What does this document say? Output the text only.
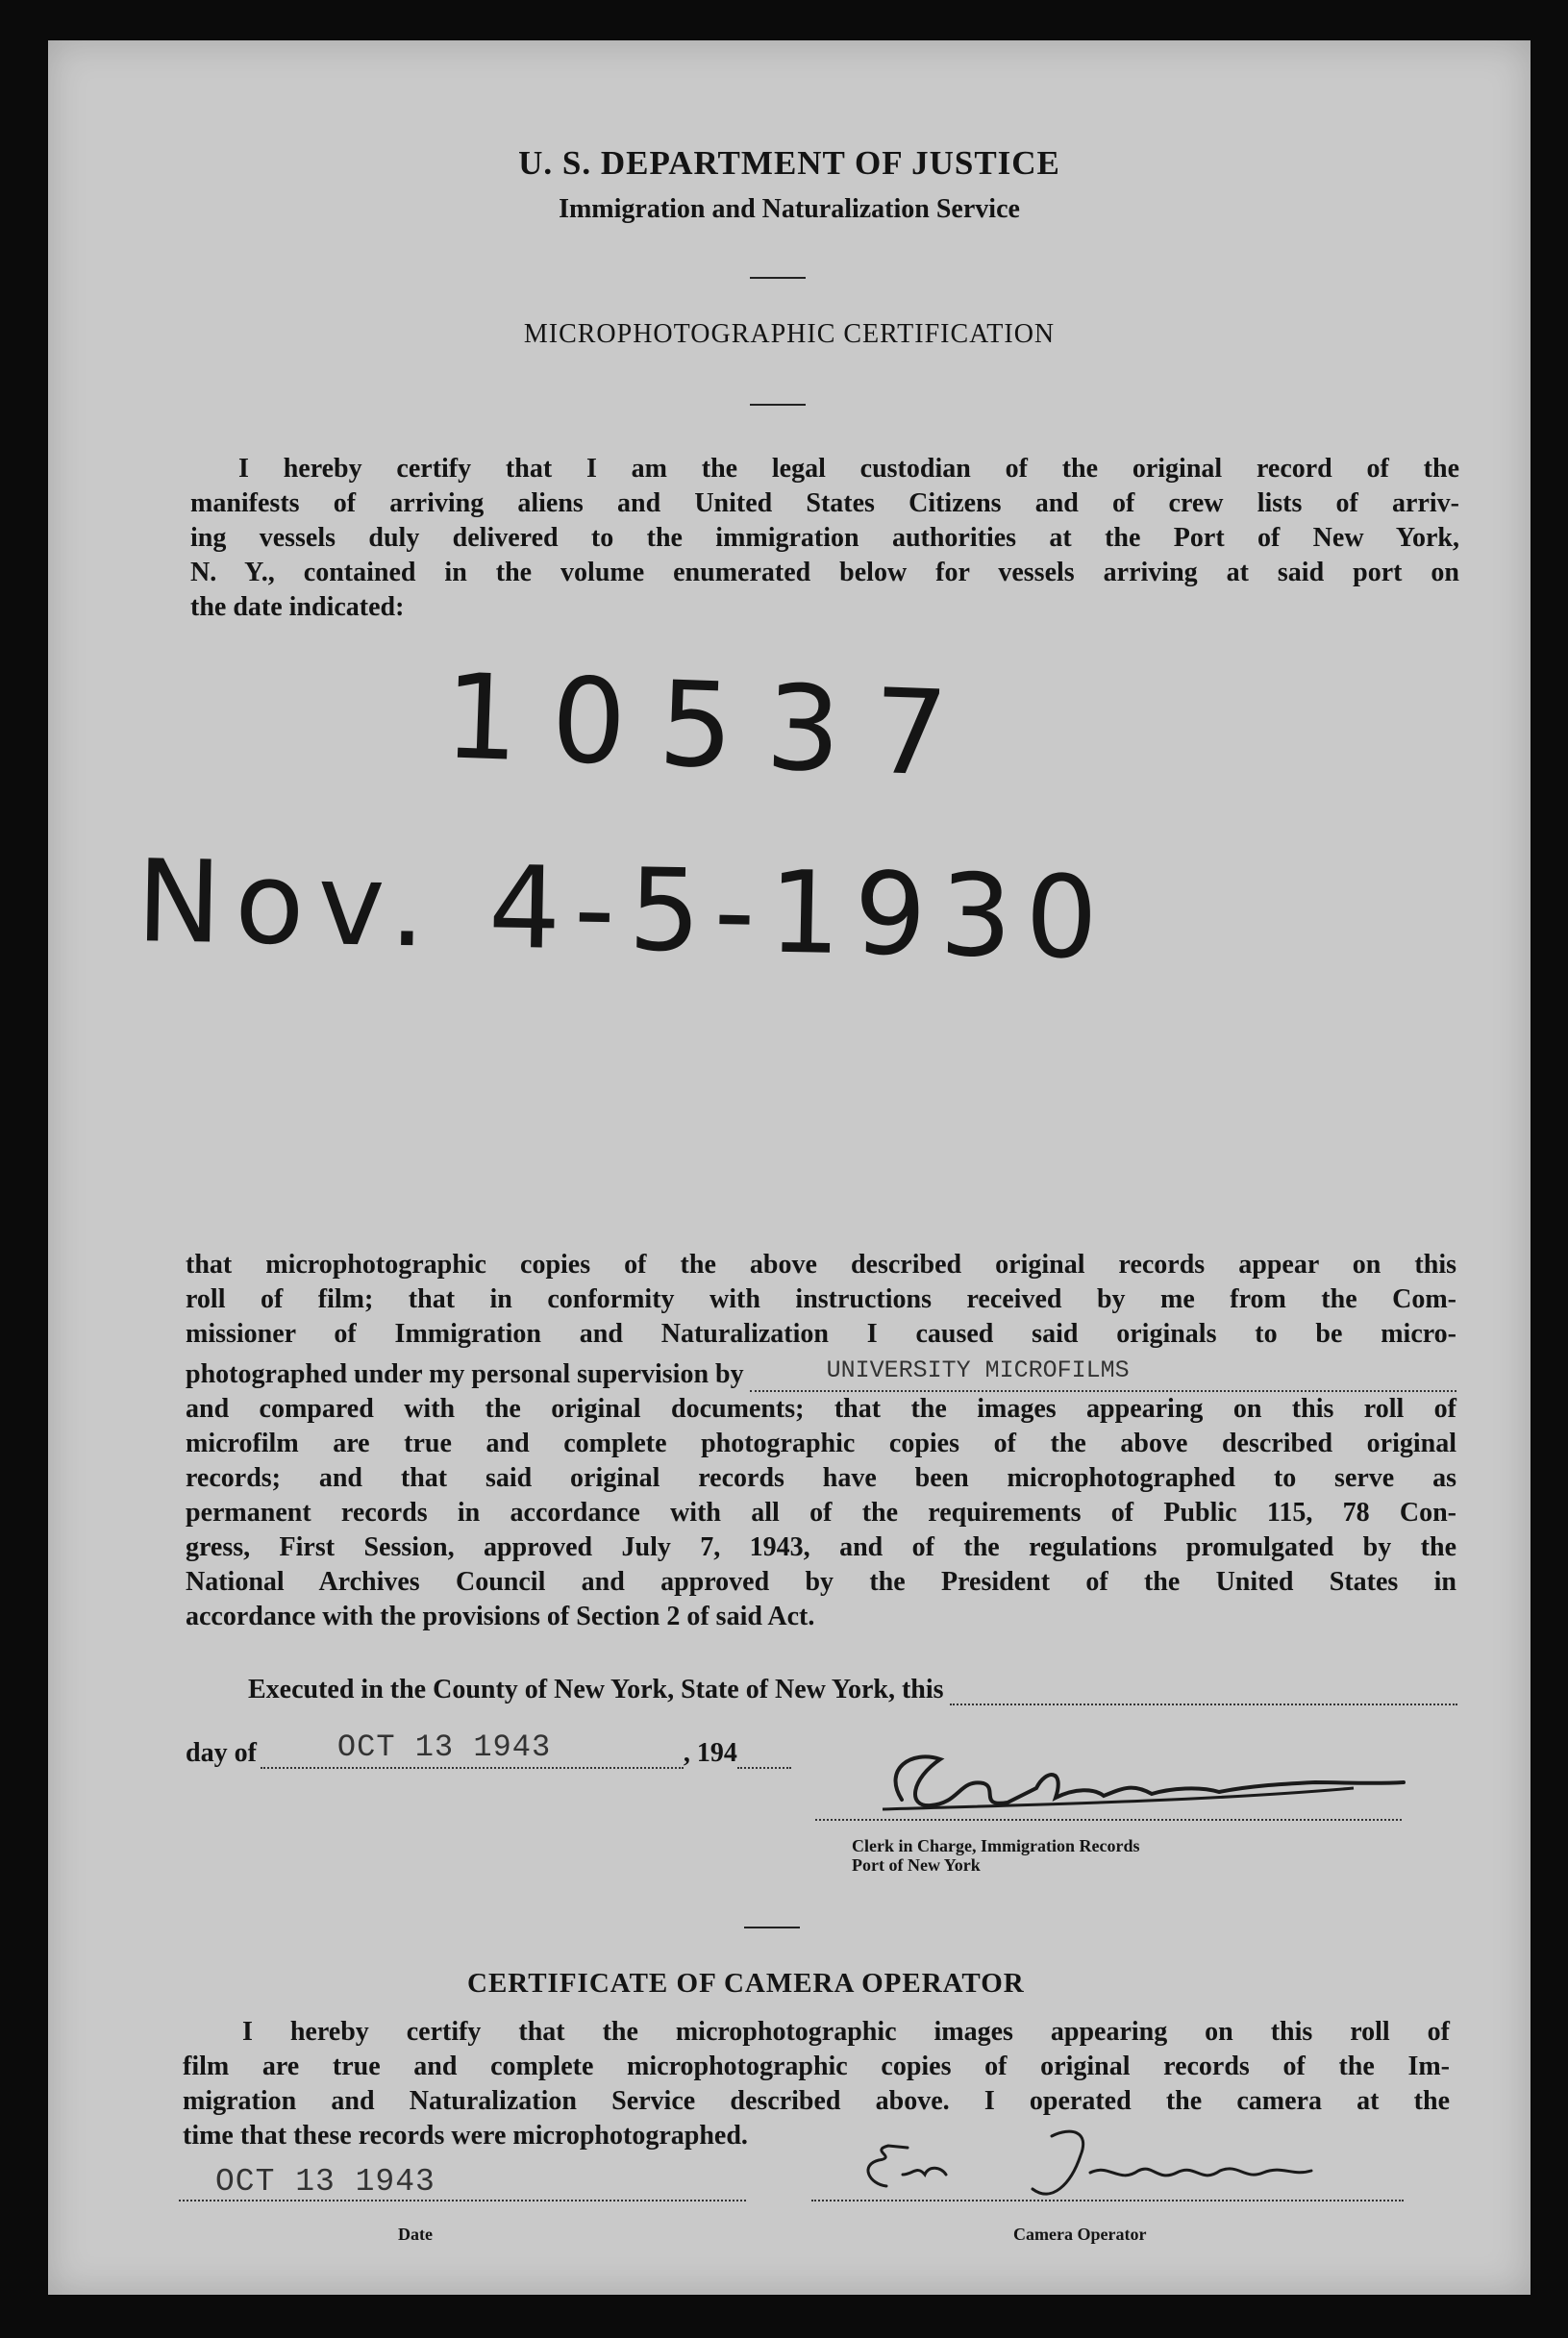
U. S. DEPARTMENT OF JUSTICE
Immigration and Naturalization Service
MICROPHOTOGRAPHIC CERTIFICATION
I hereby certify that I am the legal custodian of the original record of the
manifests of arriving aliens and United States Citizens and of crew lists of arriv-
ing vessels duly delivered to the immigration authorities at the Port of New York,
N. Y., contained in the volume enumerated below for vessels arriving at said port on
the date indicated:
10537
Nov. 4-5-1930
that microphotographic copies of the above described original records appear on this
roll of film; that in conformity with instructions received by me from the Com-
missioner of Immigration and Naturalization I caused said originals to be micro-
photographed under my personal supervision by	UNIVERSITY MICROFILMS
and compared with the original documents; that the images appearing on this roll of
microfilm are true and complete photographic copies of the above described original
records; and that said original records have been microphotographed to serve as
permanent records in accordance with all of the requirements of Public 115, 78 Con-
gress, First Session, approved July 7, 1943, and of the regulations promulgated by the
National Archives Council and approved by the President of the United States in
accordance with the provisions of Section 2 of said Act.
Executed in the County of New York, State of New York, this
day of	OCT 13 1943	, 194
Clerk in Charge, Immigration Records
Port of New York
CERTIFICATE OF CAMERA OPERATOR
I hereby certify that the microphotographic images appearing on this roll of
film are true and complete microphotographic copies of original records of the Im-
migration and Naturalization Service described above. I operated the camera at the
time that these records were microphotographed.
OCT 13 1943
Date	Camera Operator
